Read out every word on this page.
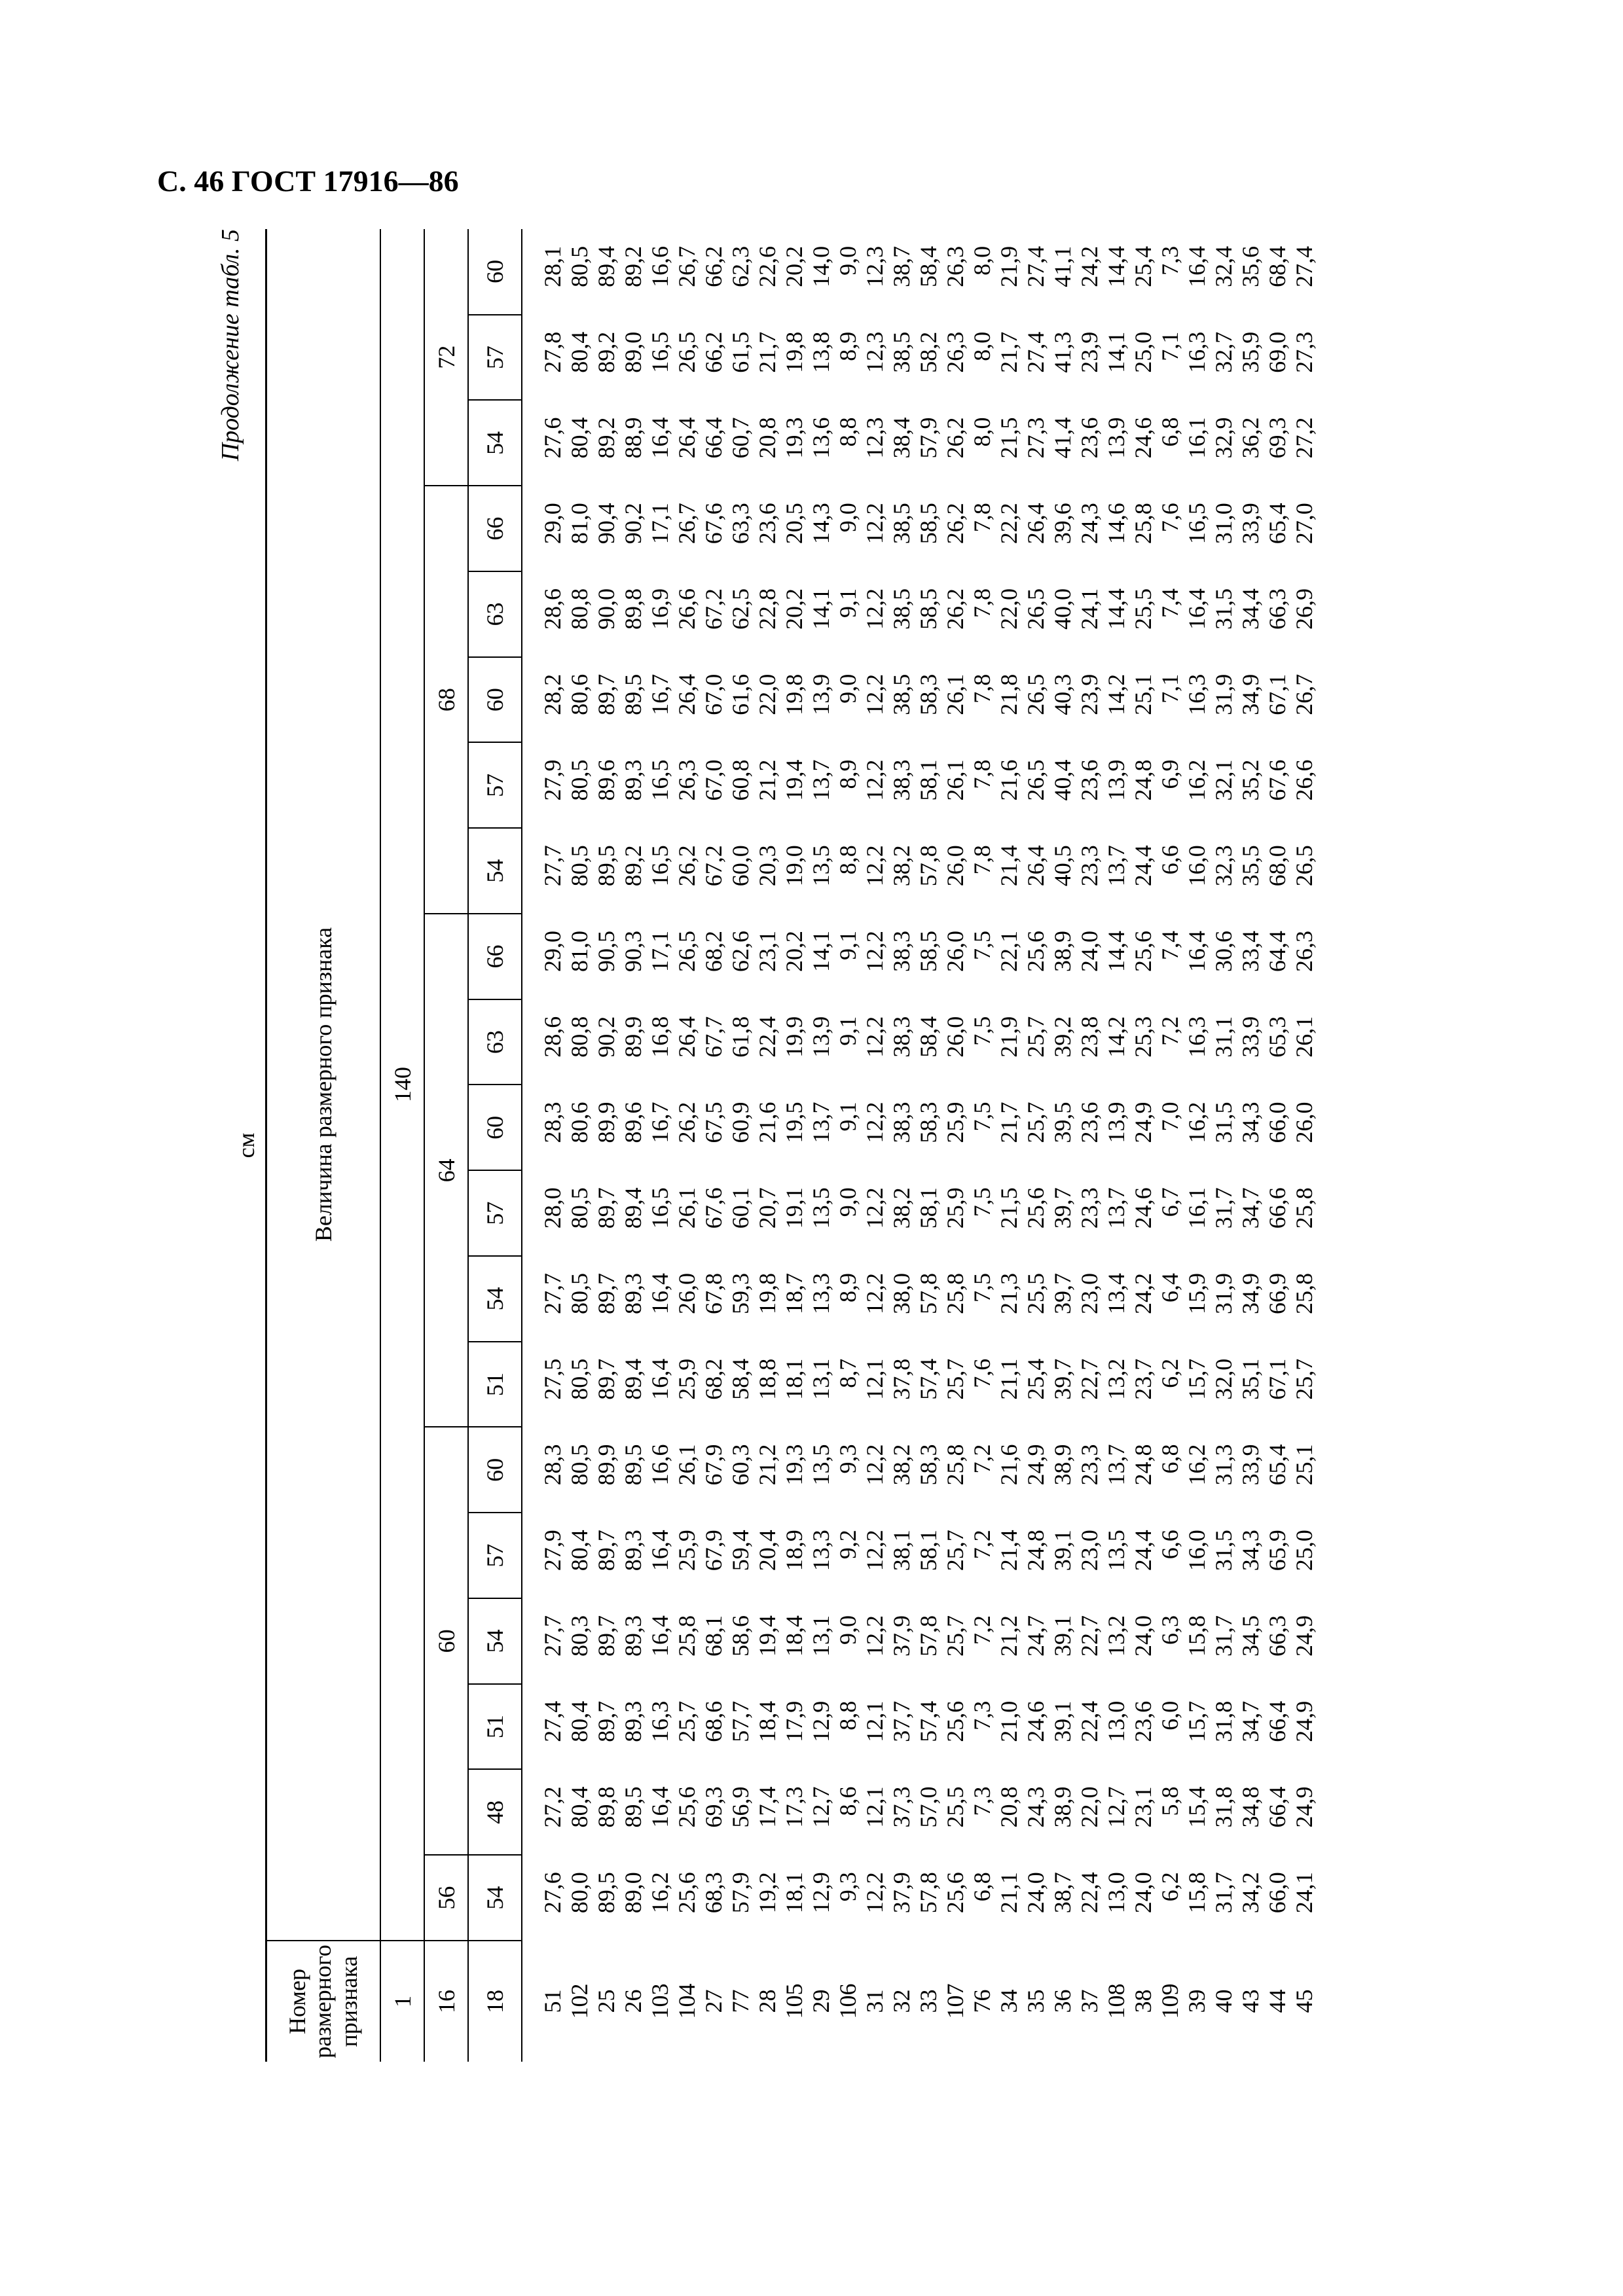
С. 46 ГОСТ 17916—86
Продолжение табл. 5
см
Номер размерного признака	Величина размерного признака																			
1	140																			
16	56	60					64						68					72		
18	54	48	51	54	57	60	51	54	57	60	63	66	54	57	60	63	66	54	57	60
51	27,6	27,2	27,4	27,7	27,9	28,3	27,5	27,7	28,0	28,3	28,6	29,0	27,7	27,9	28,2	28,6	29,0	27,6	27,8	28,1
102	80,0	80,4	80,4	80,3	80,4	80,5	80,5	80,5	80,5	80,6	80,8	81,0	80,5	80,5	80,6	80,8	81,0	80,4	80,4	80,5
25	89,5	89,8	89,7	89,7	89,7	89,9	89,7	89,7	89,7	89,9	90,2	90,5	89,5	89,6	89,7	90,0	90,4	89,2	89,2	89,4
26	89,0	89,5	89,3	89,3	89,3	89,5	89,4	89,3	89,4	89,6	89,9	90,3	89,2	89,3	89,5	89,8	90,2	88,9	89,0	89,2
103	16,2	16,4	16,3	16,4	16,4	16,6	16,4	16,4	16,5	16,7	16,8	17,1	16,5	16,5	16,7	16,9	17,1	16,4	16,5	16,6
104	25,6	25,6	25,7	25,8	25,9	26,1	25,9	26,0	26,1	26,2	26,4	26,5	26,2	26,3	26,4	26,6	26,7	26,4	26,5	26,7
27	68,3	69,3	68,6	68,1	67,9	67,9	68,2	67,8	67,6	67,5	67,7	68,2	67,2	67,0	67,0	67,2	67,6	66,4	66,2	66,2
77	57,9	56,9	57,7	58,6	59,4	60,3	58,4	59,3	60,1	60,9	61,8	62,6	60,0	60,8	61,6	62,5	63,3	60,7	61,5	62,3
28	19,2	17,4	18,4	19,4	20,4	21,2	18,8	19,8	20,7	21,6	22,4	23,1	20,3	21,2	22,0	22,8	23,6	20,8	21,7	22,6
105	18,1	17,3	17,9	18,4	18,9	19,3	18,1	18,7	19,1	19,5	19,9	20,2	19,0	19,4	19,8	20,2	20,5	19,3	19,8	20,2
29	12,9	12,7	12,9	13,1	13,3	13,5	13,1	13,3	13,5	13,7	13,9	14,1	13,5	13,7	13,9	14,1	14,3	13,6	13,8	14,0
106	9,3	8,6	8,8	9,0	9,2	9,3	8,7	8,9	9,0	9,1	9,1	9,1	8,8	8,9	9,0	9,1	9,0	8,8	8,9	9,0
31	12,2	12,1	12,1	12,2	12,2	12,2	12,1	12,2	12,2	12,2	12,2	12,2	12,2	12,2	12,2	12,2	12,2	12,3	12,3	12,3
32	37,9	37,3	37,7	37,9	38,1	38,2	37,8	38,0	38,2	38,3	38,3	38,3	38,2	38,3	38,5	38,5	38,5	38,4	38,5	38,7
33	57,8	57,0	57,4	57,8	58,1	58,3	57,4	57,8	58,1	58,3	58,4	58,5	57,8	58,1	58,3	58,5	58,5	57,9	58,2	58,4
107	25,6	25,5	25,6	25,7	25,7	25,8	25,7	25,8	25,9	25,9	26,0	26,0	26,0	26,1	26,1	26,2	26,2	26,2	26,3	26,3
76	6,8	7,3	7,3	7,2	7,2	7,2	7,6	7,5	7,5	7,5	7,5	7,5	7,8	7,8	7,8	7,8	7,8	8,0	8,0	8,0
34	21,1	20,8	21,0	21,2	21,4	21,6	21,1	21,3	21,5	21,7	21,9	22,1	21,4	21,6	21,8	22,0	22,2	21,5	21,7	21,9
35	24,0	24,3	24,6	24,7	24,8	24,9	25,4	25,5	25,6	25,7	25,7	25,6	26,4	26,5	26,5	26,5	26,4	27,3	27,4	27,4
36	38,7	38,9	39,1	39,1	39,1	38,9	39,7	39,7	39,7	39,5	39,2	38,9	40,5	40,4	40,3	40,0	39,6	41,4	41,3	41,1
37	22,4	22,0	22,4	22,7	23,0	23,3	22,7	23,0	23,3	23,6	23,8	24,0	23,3	23,6	23,9	24,1	24,3	23,6	23,9	24,2
108	13,0	12,7	13,0	13,2	13,5	13,7	13,2	13,4	13,7	13,9	14,2	14,4	13,7	13,9	14,2	14,4	14,6	13,9	14,1	14,4
38	24,0	23,1	23,6	24,0	24,4	24,8	23,7	24,2	24,6	24,9	25,3	25,6	24,4	24,8	25,1	25,5	25,8	24,6	25,0	25,4
109	6,2	5,8	6,0	6,3	6,6	6,8	6,2	6,4	6,7	7,0	7,2	7,4	6,6	6,9	7,1	7,4	7,6	6,8	7,1	7,3
39	15,8	15,4	15,7	15,8	16,0	16,2	15,7	15,9	16,1	16,2	16,3	16,4	16,0	16,2	16,3	16,4	16,5	16,1	16,3	16,4
40	31,7	31,8	31,8	31,7	31,5	31,3	32,0	31,9	31,7	31,5	31,1	30,6	32,3	32,1	31,9	31,5	31,0	32,9	32,7	32,4
43	34,2	34,8	34,7	34,5	34,3	33,9	35,1	34,9	34,7	34,3	33,9	33,4	35,5	35,2	34,9	34,4	33,9	36,2	35,9	35,6
44	66,0	66,4	66,4	66,3	65,9	65,4	67,1	66,9	66,6	66,0	65,3	64,4	68,0	67,6	67,1	66,3	65,4	69,3	69,0	68,4
45	24,1	24,9	24,9	24,9	25,0	25,1	25,7	25,8	25,8	26,0	26,1	26,3	26,5	26,6	26,7	26,9	27,0	27,2	27,3	27,4
